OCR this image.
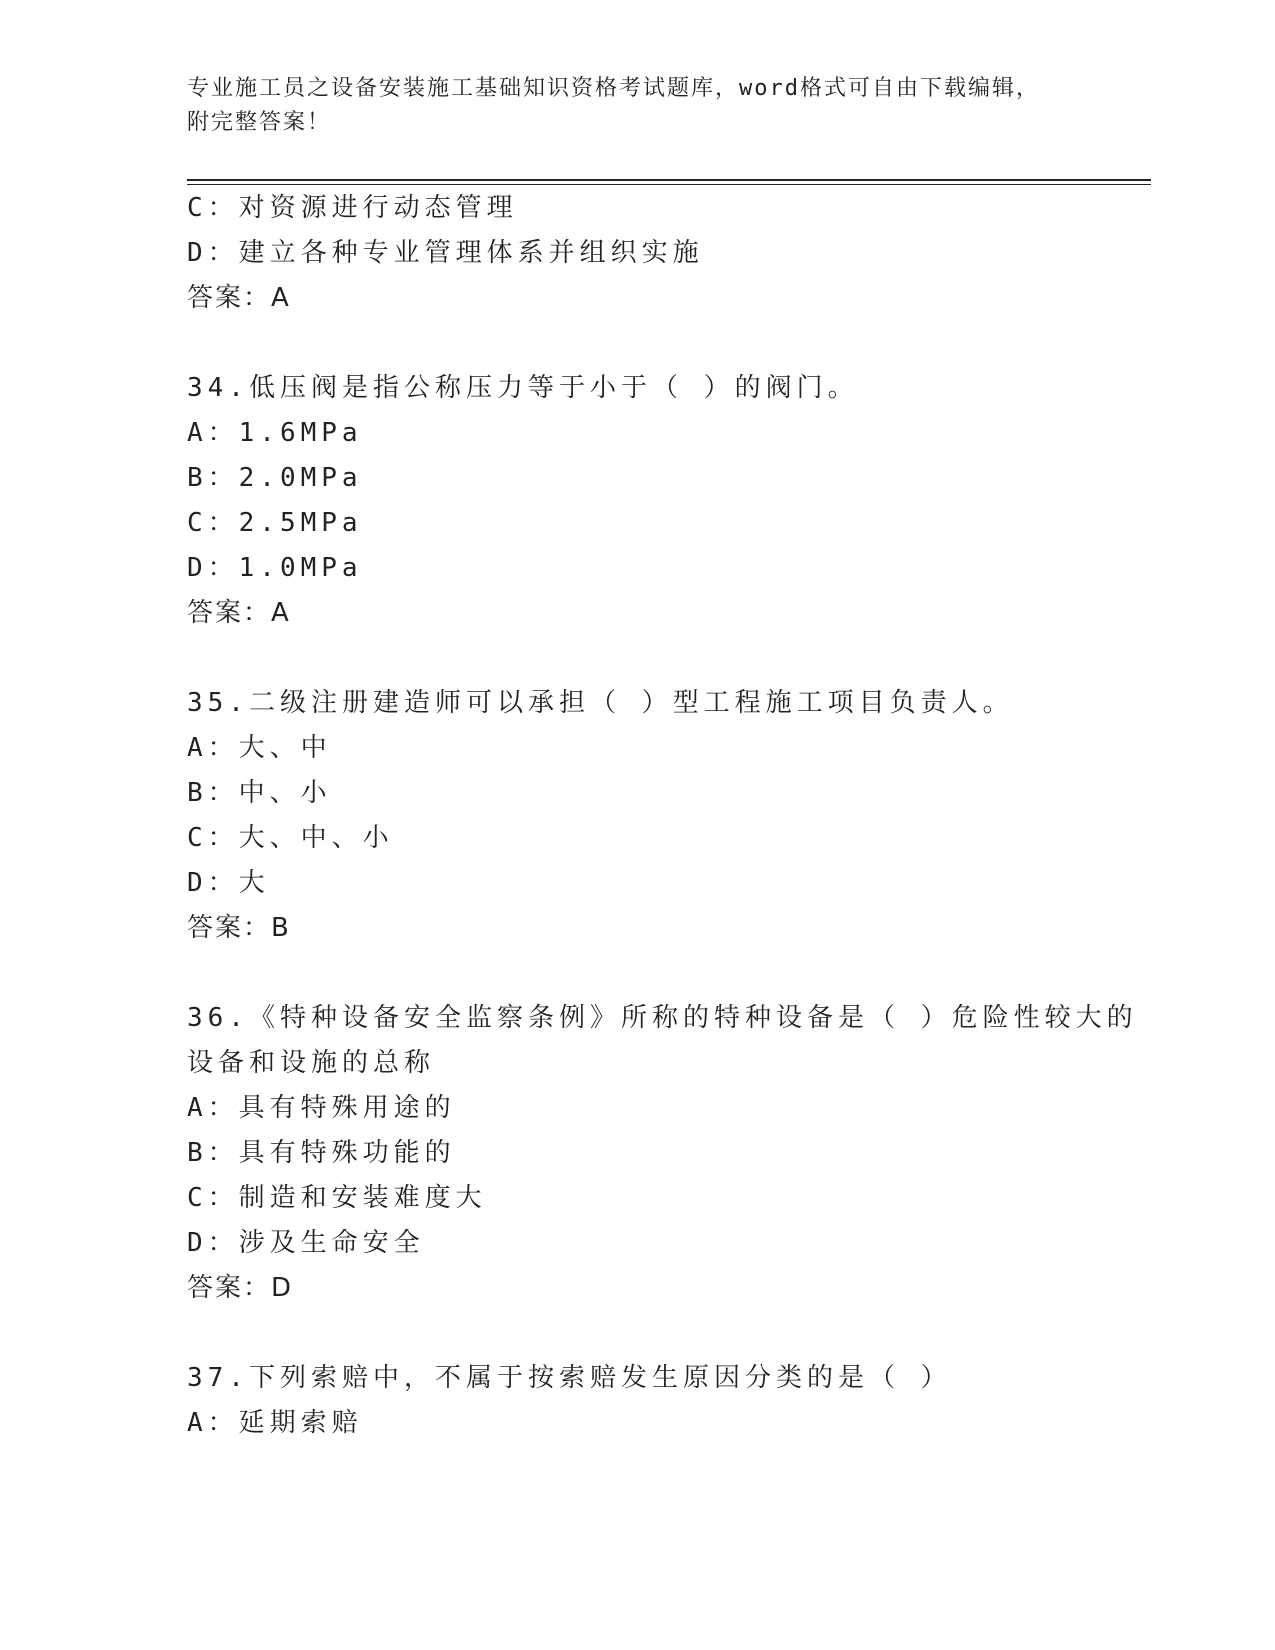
专业施工员之设备安装施工基础知识资格考试题库，word格式可自由下载编辑，
附完整答案！
C：对资源进行动态管理
D：建立各种专业管理体系并组织实施
答案：A
34.低压阀是指公称压力等于小于（ ）的阀门。
A：1.6MPa
B：2.0MPa
C：2.5MPa
D：1.0MPa
答案：A
35.二级注册建造师可以承担（ ）型工程施工项目负责人。
A：大、中
B：中、小
C：大、中、小
D：大
答案：B
36.《特种设备安全监察条例》所称的特种设备是（ ）危险性较大的
设备和设施的总称
A：具有特殊用途的
B：具有特殊功能的
C：制造和安装难度大
D：涉及生命安全
答案：D
37.下列索赔中，不属于按索赔发生原因分类的是（ ）
A：延期索赔
